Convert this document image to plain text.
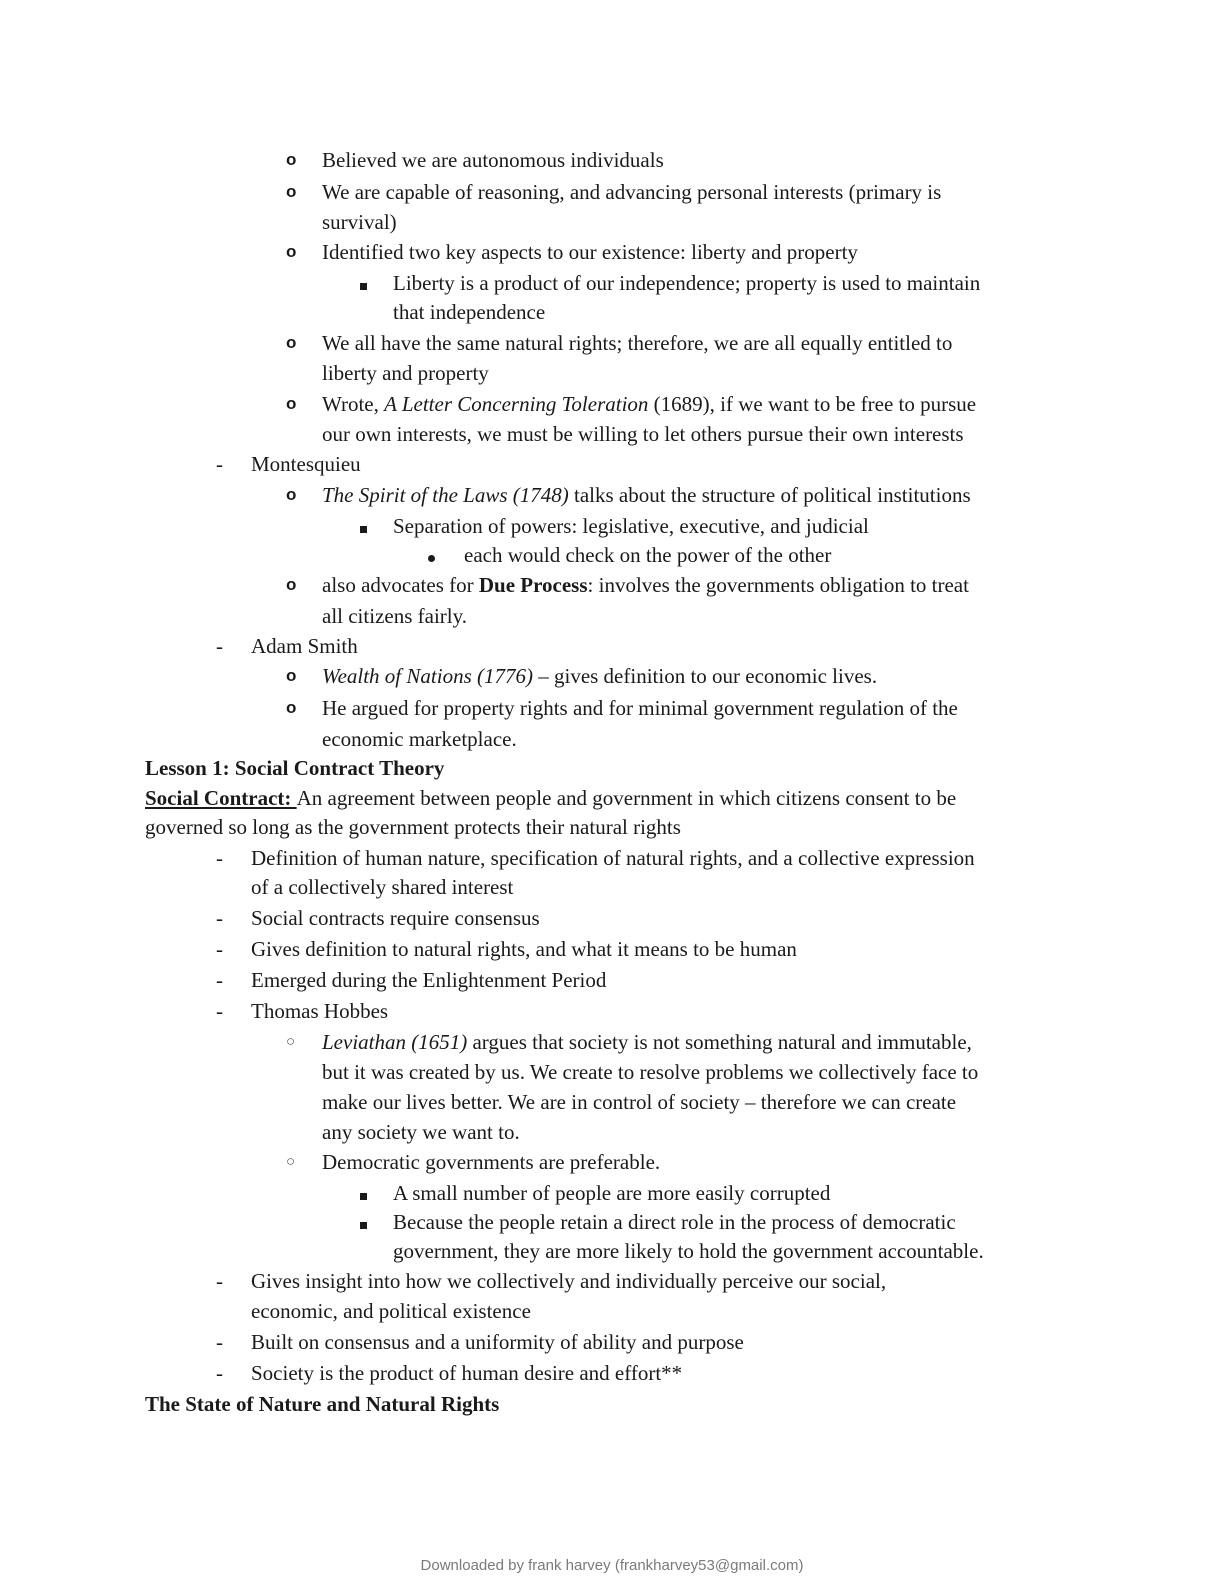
o Believed we are autonomous individuals
o We are capable of reasoning, and advancing personal interests (primary is
survival)
o Identified two key aspects to our existence: liberty and property
Liberty is a product of our independence; property is used to maintain
that independence
o We all have the same natural rights; therefore, we are all equally entitled to
liberty and property
o Wrote, A Letter Concerning Toleration (1689), if we want to be free to pursue
our own interests, we must be willing to let others pursue their own interests
- Montesquieu
o The Spirit of the Laws (1748) talks about the structure of political institutions
Separation of powers: legislative, executive, and judicial
each would check on the power of the other
o also advocates for Due Process: involves the governments obligation to treat
all citizens fairly.
- Adam Smith
o Wealth of Nations (1776) – gives definition to our economic lives.
o He argued for property rights and for minimal government regulation of the
economic marketplace.
Lesson 1: Social Contract Theory
Social Contract: An agreement between people and government in which citizens consent to be
governed so long as the government protects their natural rights
- Definition of human nature, specification of natural rights, and a collective expression
of a collectively shared interest
- Social contracts require consensus
- Gives definition to natural rights, and what it means to be human
- Emerged during the Enlightenment Period
- Thomas Hobbes
○ Leviathan (1651) argues that society is not something natural and immutable,
but it was created by us. We create to resolve problems we collectively face to
make our lives better. We are in control of society – therefore we can create
any society we want to.
○ Democratic governments are preferable.
A small number of people are more easily corrupted
Because the people retain a direct role in the process of democratic
government, they are more likely to hold the government accountable.
- Gives insight into how we collectively and individually perceive our social,
economic, and political existence
- Built on consensus and a uniformity of ability and purpose
- Society is the product of human desire and effort**
The State of Nature and Natural Rights
Downloaded by frank harvey (frankharvey53@gmail.com)
